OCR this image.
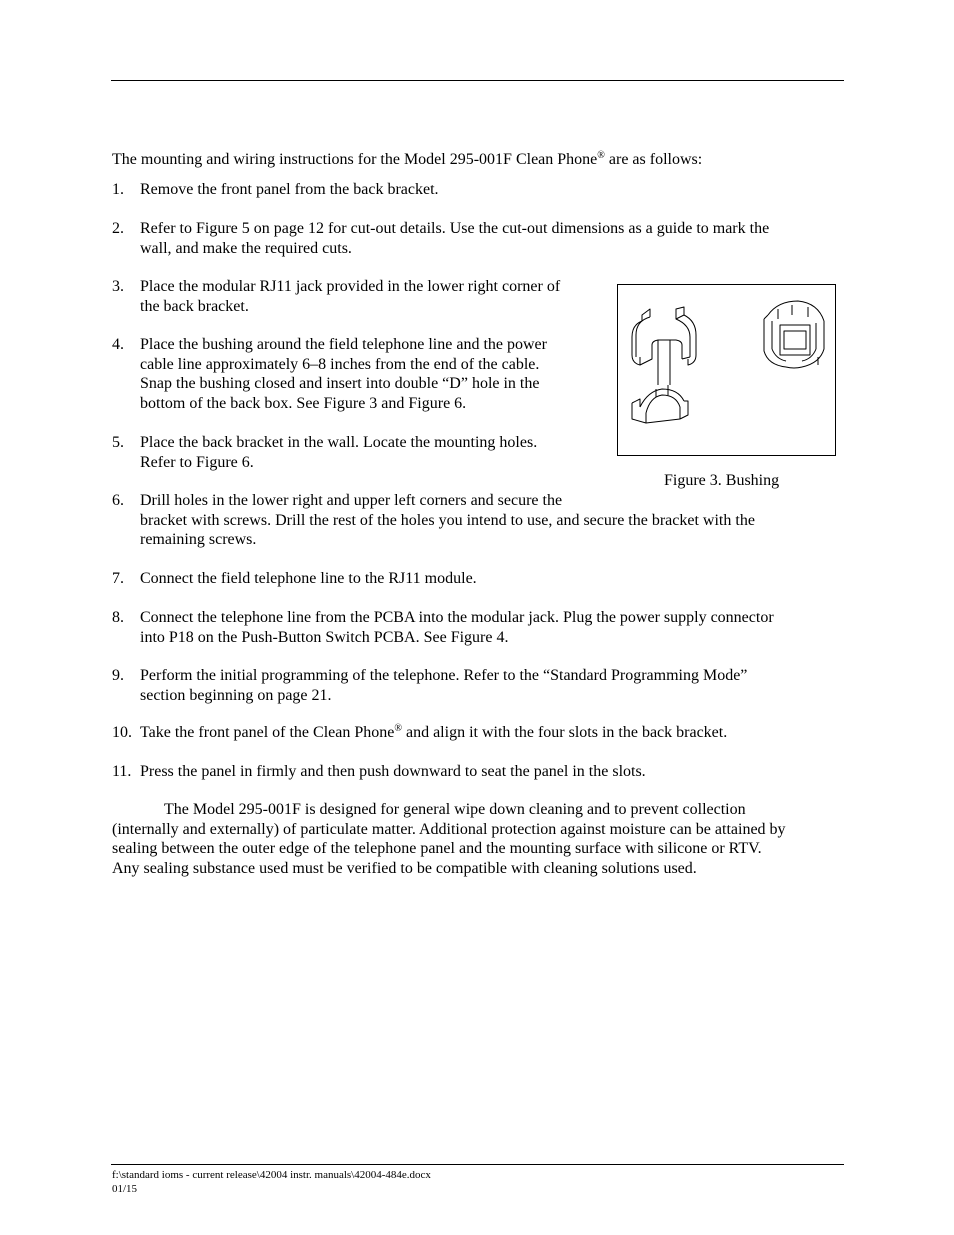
The mounting and wiring instructions for the Model 295-001F Clean Phone® are as follows:

1. Remove the front panel from the back bracket.
2. Refer to Figure 5 on page 12 for cut-out details. Use the cut-out dimensions as a guide to mark the
wall, and make the required cuts.
3. Place the modular RJ11 jack provided in the lower right corner of
the back bracket.
4. Place the bushing around the field telephone line and the power
cable line approximately 6–8 inches from the end of the cable.
Snap the bushing closed and insert into double “D” hole in the
bottom of the back box. See Figure 3 and Figure 6.
5. Place the back bracket in the wall. Locate the mounting holes.
Refer to Figure 6.
6. Drill holes in the lower right and upper left corners and secure the
bracket with screws. Drill the rest of the holes you intend to use, and secure the bracket with the
remaining screws.
7. Connect the field telephone line to the RJ11 module.
8. Connect the telephone line from the PCBA into the modular jack. Plug the power supply connector
into P18 on the Push-Button Switch PCBA. See Figure 4.
9. Perform the initial programming of the telephone. Refer to the “Standard Programming Mode”
section beginning on page 21.
10. Take the front panel of the Clean Phone® and align it with the four slots in the back bracket.
11. Press the panel in firmly and then push downward to seat the panel in the slots.
The Model 295-001F is designed for general wipe down cleaning and to prevent collection
(internally and externally) of particulate matter. Additional protection against moisture can be attained by
sealing between the outer edge of the telephone panel and the mounting surface with silicone or RTV.
Any sealing substance used must be verified to be compatible with cleaning solutions used.
Figure 3. Bushing
f:\standard ioms - current release\42004 instr. manuals\42004-484e.docx
01/15
